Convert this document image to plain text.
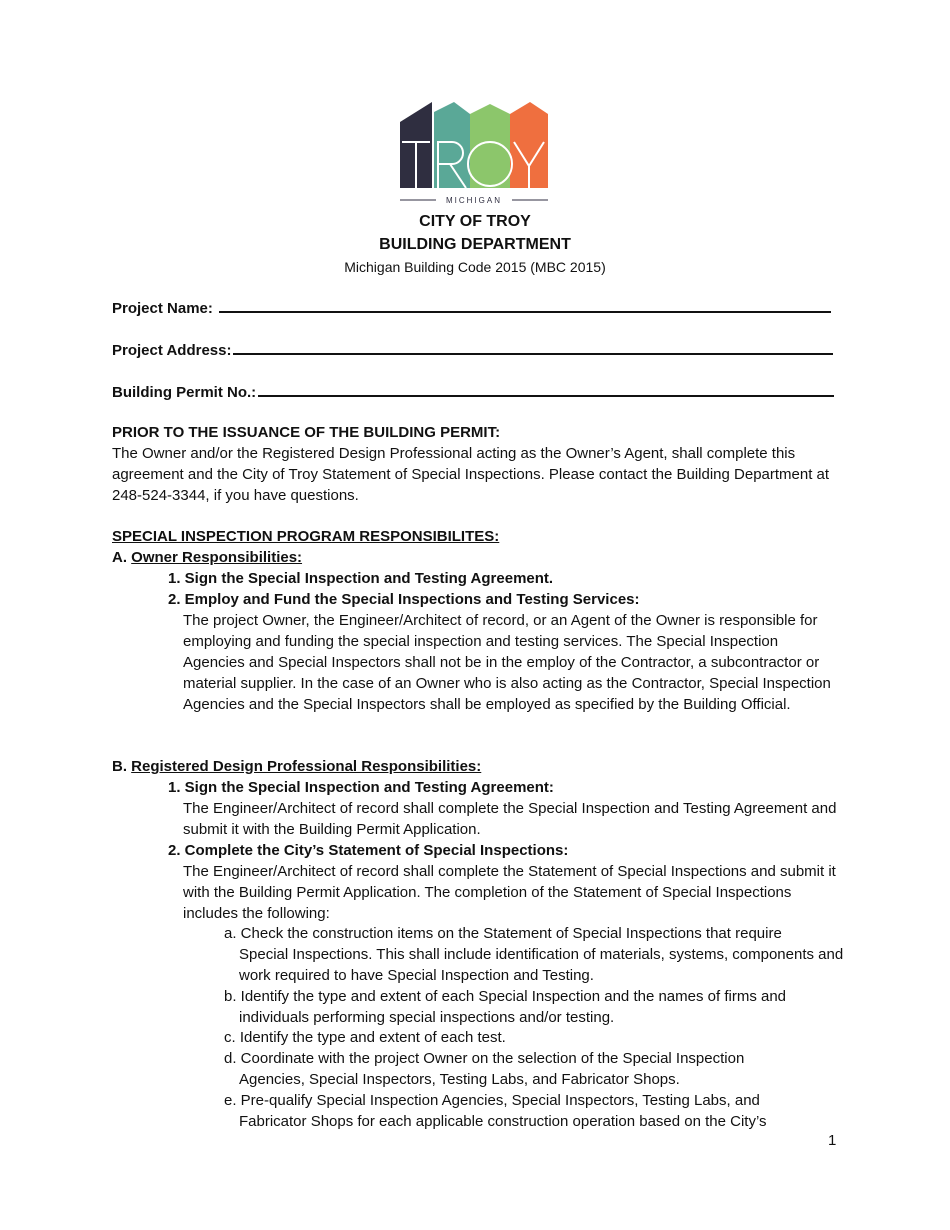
MICHIGAN

CITY OF TROY

BUILDING DEPARTMENT

Michigan Building Code 2015 (MBC 2015)

Project Name:
Project Address:
Building Permit No.:

PRIOR TO THE ISSUANCE OF THE BUILDING PERMIT:

The Owner and/or the Registered Design Professional acting as the Owner’s Agent, shall complete this agreement and the City of Troy Statement of Special Inspections. Please contact the Building Department at 248-524-3344, if you have questions.

SPECIAL INSPECTION PROGRAM RESPONSIBILITES:

A. Owner Responsibilities:

1. Sign the Special Inspection and Testing Agreement.

2. Employ and Fund the Special Inspections and Testing Services:

The project Owner, the Engineer/Architect of record, or an Agent of the Owner is responsible for employing and funding the special inspection and testing services. The Special Inspection Agencies and Special Inspectors shall not be in the employ of the Contractor, a subcontractor or material supplier. In the case of an Owner who is also acting as the Contractor, Special Inspection Agencies and the Special Inspectors shall be employed as specified by the Building Official.

B. Registered Design Professional Responsibilities:

1. Sign the Special Inspection and Testing Agreement:

The Engineer/Architect of record shall complete the Special Inspection and Testing Agreement and submit it with the Building Permit Application.

2. Complete the City’s Statement of Special Inspections:

The Engineer/Architect of record shall complete the Statement of Special Inspections and submit it with the Building Permit Application. The completion of the Statement of Special Inspections includes the following:

a. Check the construction items on the Statement of Special Inspections that require
Special Inspections. This shall include identification of materials, systems, components and work required to have Special Inspection and Testing.
b. Identify the type and extent of each Special Inspection and the names of firms and
individuals performing special inspections and/or testing.
c. Identify the type and extent of each test.
d. Coordinate with the project Owner on the selection of the Special Inspection
Agencies, Special Inspectors, Testing Labs, and Fabricator Shops.
e. Pre-qualify Special Inspection Agencies, Special Inspectors, Testing Labs, and
Fabricator Shops for each applicable construction operation based on the City’s
1
